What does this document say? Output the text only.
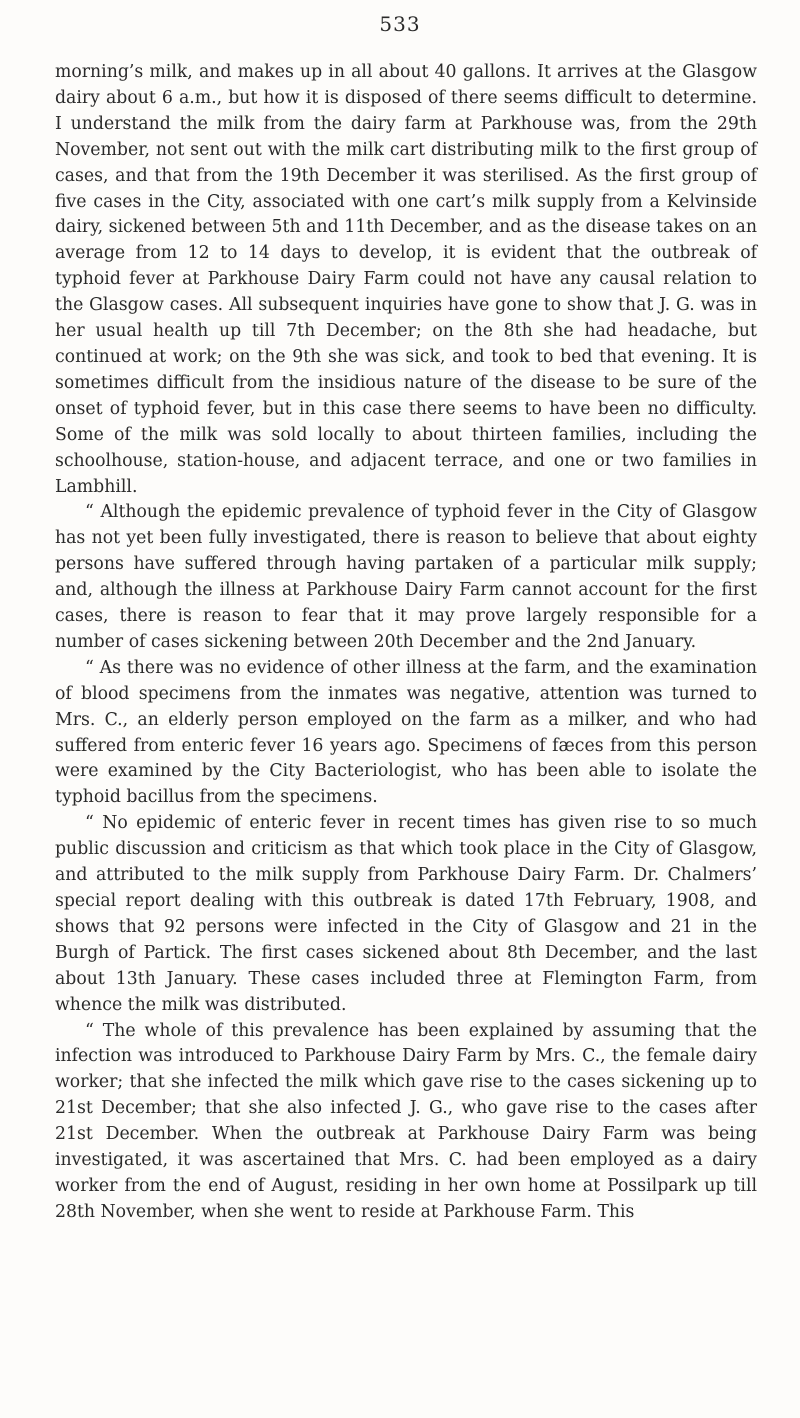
533

morning’s milk, and makes up in all about 40 gallons. It arrives at the Glasgow dairy about 6 a.m., but how it is disposed of there seems difficult to determine. I understand the milk from the dairy farm at Parkhouse was, from the 29th November, not sent out with the milk cart distributing milk to the first group of cases, and that from the 19th December it was sterilised. As the first group of five cases in the City, associated with one cart’s milk supply from a Kelvinside dairy, sickened between 5th and 11th December, and as the disease takes on an average from 12 to 14 days to develop, it is evident that the outbreak of typhoid fever at Parkhouse Dairy Farm could not have any causal relation to the Glasgow cases. All subsequent inquiries have gone to show that J. G. was in her usual health up till 7th December; on the 8th she had headache, but continued at work; on the 9th she was sick, and took to bed that evening. It is sometimes difficult from the insidious nature of the disease to be sure of the onset of typhoid fever, but in this case there seems to have been no difficulty. Some of the milk was sold locally to about thirteen families, including the schoolhouse, station-house, and adjacent terrace, and one or two families in Lambhill.

“ Although the epidemic prevalence of typhoid fever in the City of Glasgow has not yet been fully investigated, there is reason to believe that about eighty persons have suffered through having partaken of a particular milk supply; and, although the illness at Parkhouse Dairy Farm cannot account for the first cases, there is reason to fear that it may prove largely responsible for a number of cases sickening between 20th December and the 2nd January.

“ As there was no evidence of other illness at the farm, and the examination of blood specimens from the inmates was negative, attention was turned to Mrs. C., an elderly person employed on the farm as a milker, and who had suffered from enteric fever 16 years ago. Specimens of fæces from this person were examined by the City Bacteriologist, who has been able to isolate the typhoid bacillus from the specimens.

“ No epidemic of enteric fever in recent times has given rise to so much public discussion and criticism as that which took place in the City of Glasgow, and attributed to the milk supply from Parkhouse Dairy Farm. Dr. Chalmers’ special report dealing with this outbreak is dated 17th February, 1908, and shows that 92 persons were infected in the City of Glasgow and 21 in the Burgh of Partick. The first cases sickened about 8th December, and the last about 13th January. These cases included three at Flemington Farm, from whence the milk was distributed.

“ The whole of this prevalence has been explained by assuming that the infection was introduced to Parkhouse Dairy Farm by Mrs. C., the female dairy worker; that she infected the milk which gave rise to the cases sickening up to 21st December; that she also infected J. G., who gave rise to the cases after 21st December. When the outbreak at Parkhouse Dairy Farm was being investigated, it was ascertained that Mrs. C. had been employed as a dairy worker from the end of August, residing in her own home at Possilpark up till 28th November, when she went to reside at Parkhouse Farm. This
